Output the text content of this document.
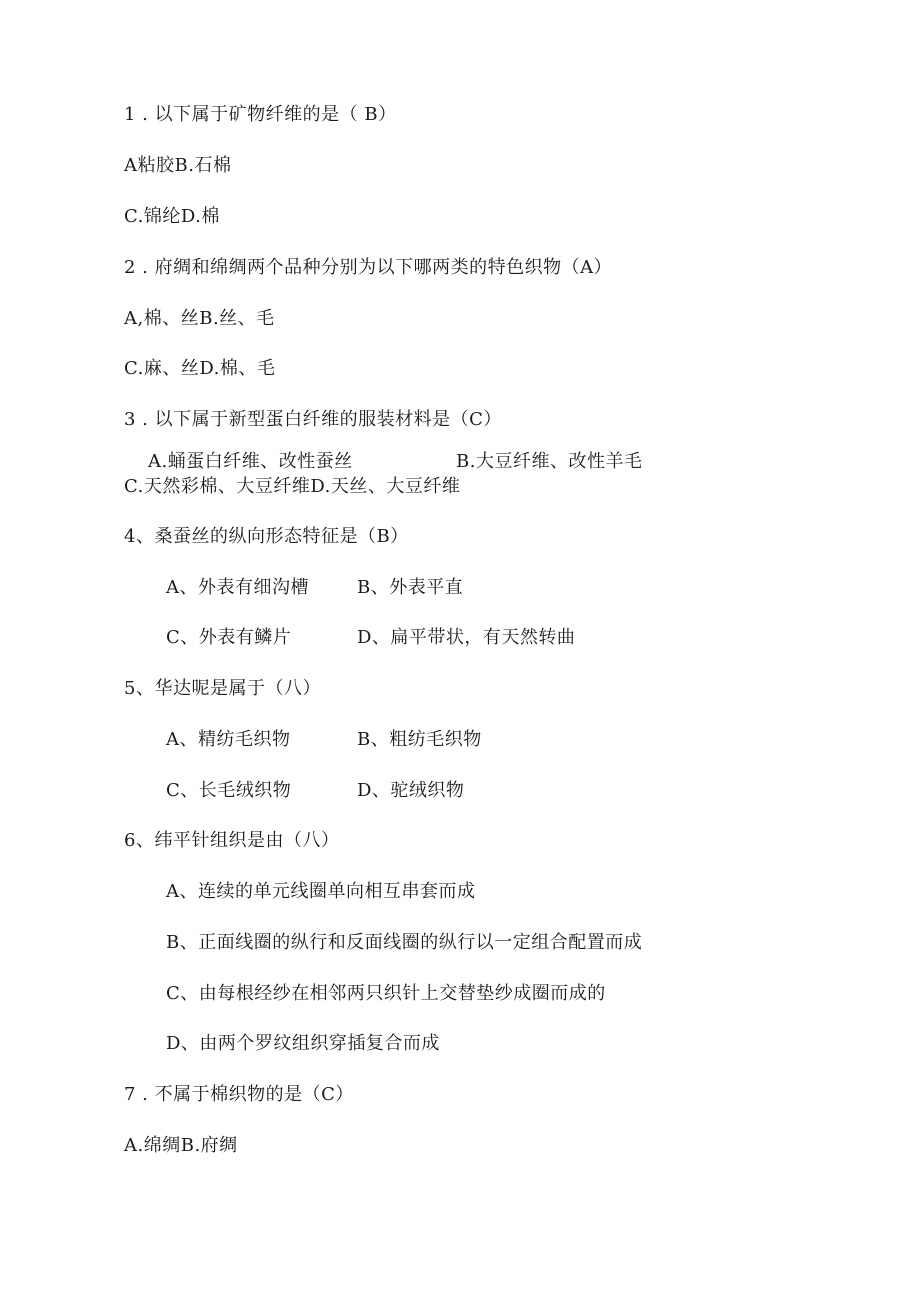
1 . 以下属于矿物纤维的是（ B）
A粘胶B.石棉
C.锦纶D.棉
2 . 府绸和绵绸两个品种分别为以下哪两类的特色织物（A）
A,棉、丝B.丝、毛
C.麻、丝D.棉、毛
3 . 以下属于新型蛋白纤维的服装材料是（C）
A.蛹蛋白纤维、改性蚕丝	B.大豆纤维、改性羊毛
C.天然彩棉、大豆纤维D.天丝、大豆纤维
4、桑蚕丝的纵向形态特征是（B）
A、外表有细沟槽	B、外表平直
C、外表有鳞片	D、扁平带状，有天然转曲
5、华达呢是属于（八）
A、精纺毛织物	B、粗纺毛织物
C、长毛绒织物	D、驼绒织物
6、纬平针组织是由（八）
A、连续的单元线圈单向相互串套而成
B、正面线圈的纵行和反面线圈的纵行以一定组合配置而成
C、由每根经纱在相邻两只织针上交替垫纱成圈而成的
D、由两个罗纹组织穿插复合而成
7 . 不属于棉织物的是（C）
A.绵绸B.府绸
